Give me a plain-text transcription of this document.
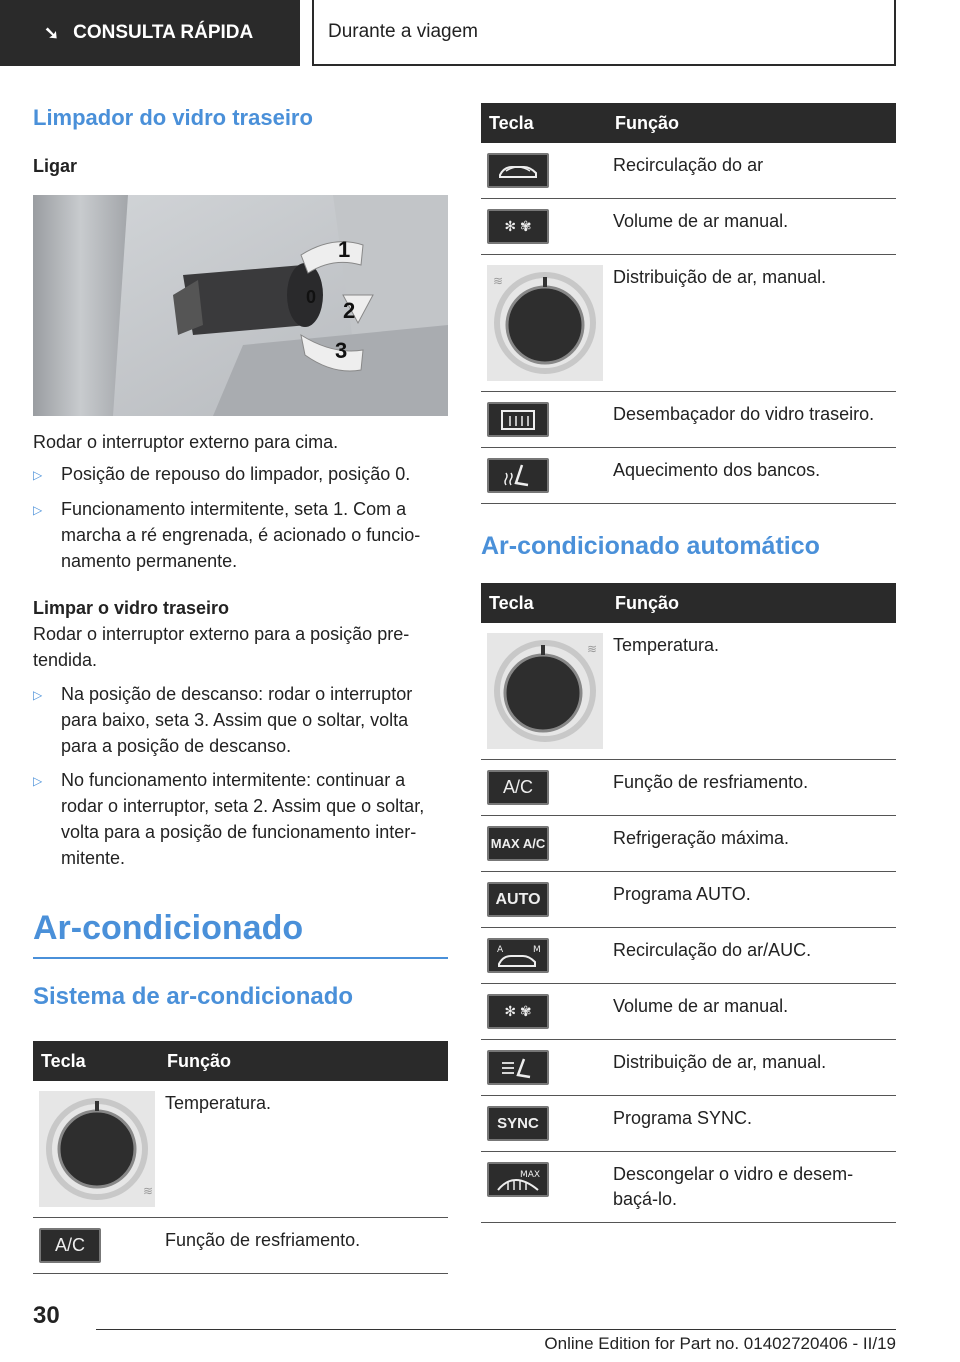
➘ CONSULTA RÁPIDA	Durante a viagem
Limpador do vidro traseiro
Ligar
1
0
2
3
Rodar o interruptor externo para cima.
▷	Posição de repouso do limpador, posição 0.
▷	Funcionamento intermitente, seta 1. Com a marcha a ré engrenada, é acionado o funcio-namento permanente.
Limpar o vidro traseiro
Rodar o interruptor externo para a posição pre-tendida.
▷	Na posição de descanso: rodar o interruptor para baixo, seta 3. Assim que o soltar, volta para a posição de descanso.
▷	No funcionamento intermitente: continuar a rodar o interruptor, seta 2. Assim que o soltar, volta para a posição de funcionamento inter-mitente.
Ar-condicionado
Sistema de ar-condicionado
Tecla	Função

≋	Temperatura.

A/C	Função de resfriamento.
Tecla	Função

	Recirculação do ar

✻ ✾	Volume de ar manual.

≋	Distribuição de ar, manual.

	Desembaçador do vidro traseiro.

	Aquecimento dos bancos.
Ar-condicionado automático
Tecla	Função

≋	Temperatura.

A/C	Função de resfriamento.

MAX A/C	Refrigeração máxima.

AUTO	Programa AUTO.

A M	Recirculação do ar/AUC.

✻ ✾	Volume de ar manual.

	Distribuição de ar, manual.

SYNC	Programa SYNC.

MAX	Descongelar o vidro e desem-baçá-lo.
30
Online Edition for Part no. 01402720406 - II/19
